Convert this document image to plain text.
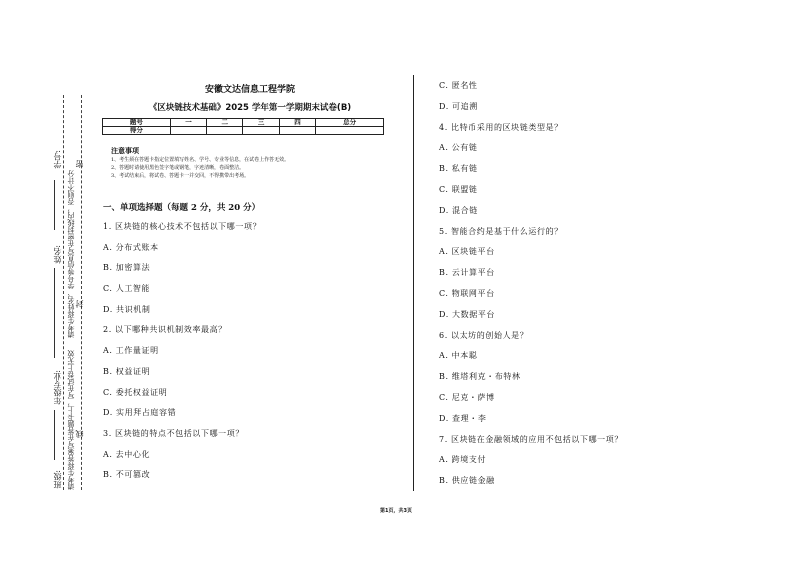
学号:
姓名:
年级专业:
班级:
请考生将姓名、学号等信息写在密封线内，否则不计分
请考生将答案写在答题卡上，写在试卷上无效
密
封
线
安徽文达信息工程学院
《区块链技术基础》2025 学年第一学期期末试卷(B)
题号	一	二	三	四	总分
得分					
注意事项
1、考生须在答题卡指定位置填写姓名、学号、专业等信息，在试卷上作答无效。
2、答题时请使用黑色签字笔或钢笔，字迹清晰，卷面整洁。
3、考试结束后，将试卷、答题卡一并交回，不得携带出考场。
一、单项选择题（每题 2 分，共 20 分）
1. 区块链的核心技术不包括以下哪一项？
A. 分布式账本
B. 加密算法
C. 人工智能
D. 共识机制
2. 以下哪种共识机制效率最高？
A. 工作量证明
B. 权益证明
C. 委托权益证明
D. 实用拜占庭容错
3. 区块链的特点不包括以下哪一项？
A. 去中心化
B. 不可篡改
C. 匿名性
D. 可追溯
4. 比特币采用的区块链类型是？
A. 公有链
B. 私有链
C. 联盟链
D. 混合链
5. 智能合约是基于什么运行的？
A. 区块链平台
B. 云计算平台
C. 物联网平台
D. 大数据平台
6. 以太坊的创始人是？
A. 中本聪
B. 维塔利克・布特林
C. 尼克・萨博
D. 查理・李
7. 区块链在金融领域的应用不包括以下哪一项？
A. 跨境支付
B. 供应链金融
第1页，共3页
